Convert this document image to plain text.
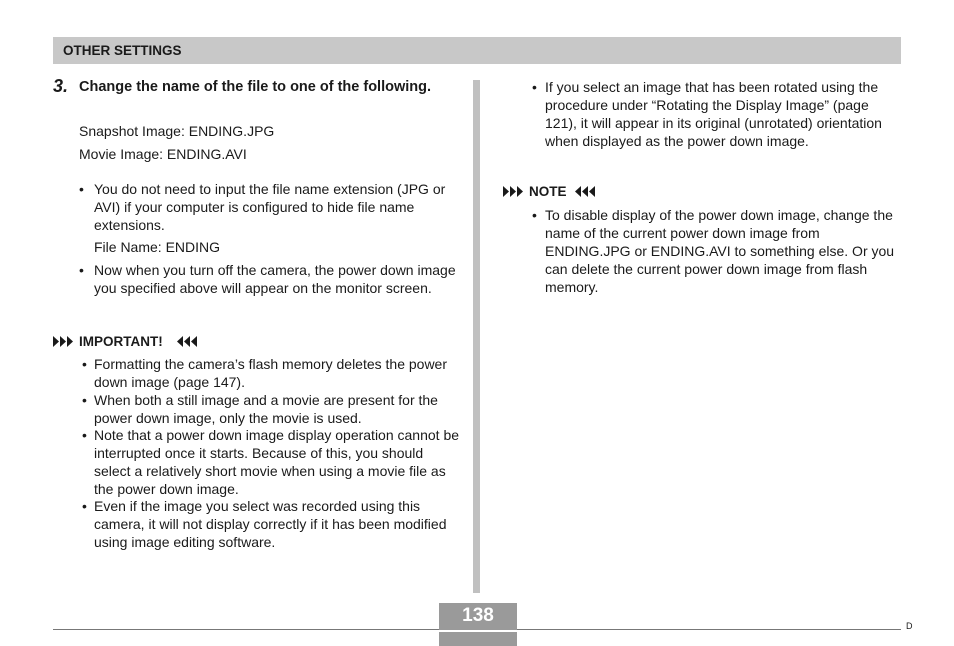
OTHER SETTINGS
3. Change the name of the file to one of the following.
Snapshot Image: ENDING.JPG
Movie Image: ENDING.AVI
• You do not need to input the file name extension (JPG or AVI) if your computer is configured to hide file name extensions.
File Name: ENDING
• Now when you turn off the camera, the power down image you specified above will appear on the monitor screen.
IMPORTANT!
• Formatting the camera’s flash memory deletes the power down image (page 147).
• When both a still image and a movie are present for the power down image, only the movie is used.
• Note that a power down image display operation cannot be interrupted once it starts. Because of this, you should select a relatively short movie when using a movie file as the power down image.
• Even if the image you select was recorded using this camera, it will not display correctly if it has been modified using image editing software.
• If you select an image that has been rotated using the procedure under “Rotating the Display Image” (page 121), it will appear in its original (unrotated) orientation when displayed as the power down image.
NOTE
• To disable display of the power down image, change the name of the current power down image from ENDING.JPG or ENDING.AVI to something else. Or you can delete the current power down image from flash memory.
138	D
